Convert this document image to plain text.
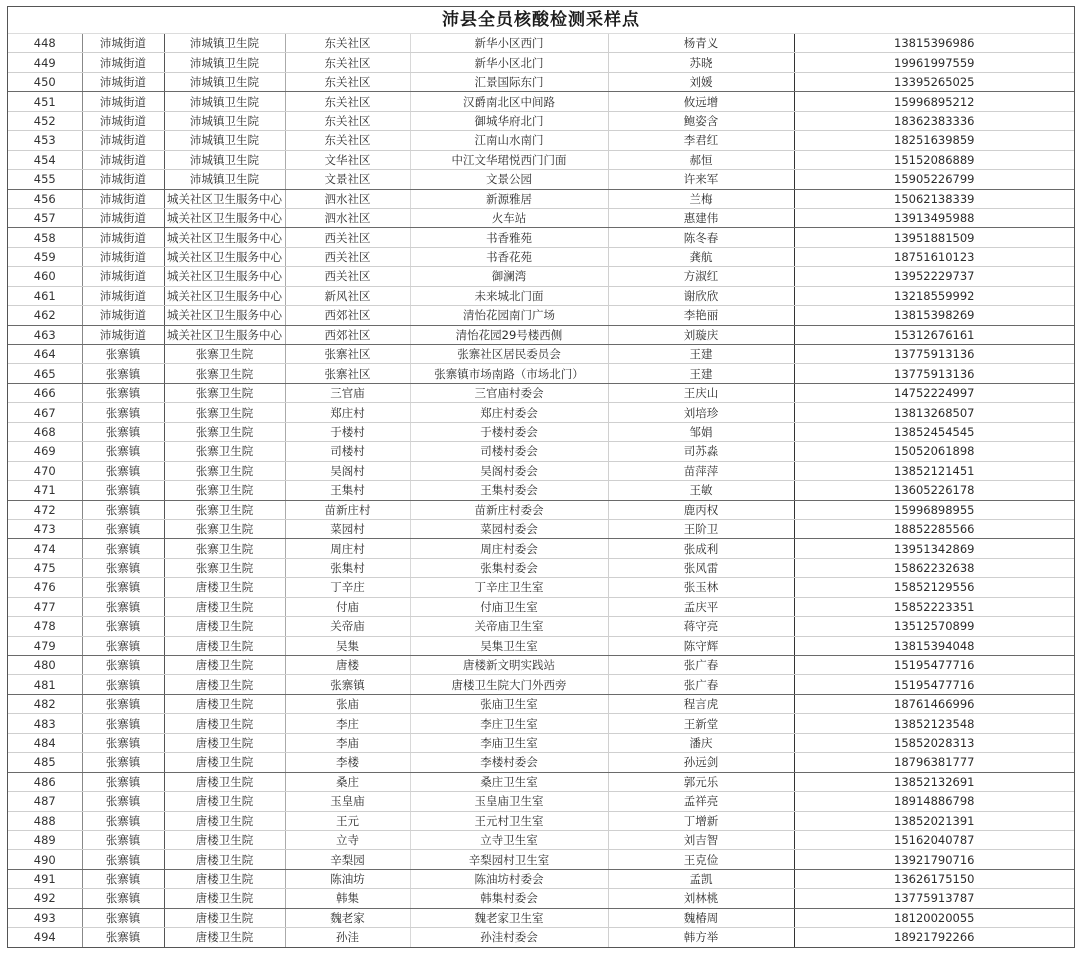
沛县全员核酸检测采样点
448	沛城街道	沛城镇卫生院	东关社区	新华小区西门	杨青义	13815396986
449	沛城街道	沛城镇卫生院	东关社区	新华小区北门	苏晓	19961997559
450	沛城街道	沛城镇卫生院	东关社区	汇景国际东门	刘媛	13395265025
451	沛城街道	沛城镇卫生院	东关社区	汉爵南北区中间路	攸远增	15996895212
452	沛城街道	沛城镇卫生院	东关社区	御城华府北门	鲍姿含	18362383336
453	沛城街道	沛城镇卫生院	东关社区	江南山水南门	李君红	18251639859
454	沛城街道	沛城镇卫生院	文华社区	中江文华珺悦西门门面	郝恒	15152086889
455	沛城街道	沛城镇卫生院	文景社区	文景公园	许来军	15905226799
456	沛城街道	城关社区卫生服务中心	泗水社区	新源雅居	兰梅	15062138339
457	沛城街道	城关社区卫生服务中心	泗水社区	火车站	惠建伟	13913495988
458	沛城街道	城关社区卫生服务中心	西关社区	书香雅苑	陈冬春	13951881509
459	沛城街道	城关社区卫生服务中心	西关社区	书香花苑	龚航	18751610123
460	沛城街道	城关社区卫生服务中心	西关社区	御澜湾	方淑红	13952229737
461	沛城街道	城关社区卫生服务中心	新风社区	未来城北门面	谢欣欣	13218559992
462	沛城街道	城关社区卫生服务中心	西郊社区	清怡花园南门广场	李艳丽	13815398269
463	沛城街道	城关社区卫生服务中心	西郊社区	清怡花园29号楼西侧	刘璇庆	15312676161
464	张寨镇	张寨卫生院	张寨社区	张寨社区居民委员会	王建	13775913136
465	张寨镇	张寨卫生院	张寨社区	张寨镇市场南路（市场北门）	王建	13775913136
466	张寨镇	张寨卫生院	三官庙	三官庙村委会	王庆山	14752224997
467	张寨镇	张寨卫生院	郑庄村	郑庄村委会	刘培珍	13813268507
468	张寨镇	张寨卫生院	于楼村	于楼村委会	邹娟	13852454545
469	张寨镇	张寨卫生院	司楼村	司楼村委会	司苏淼	15052061898
470	张寨镇	张寨卫生院	吴阁村	吴阁村委会	苗萍萍	13852121451
471	张寨镇	张寨卫生院	王集村	王集村委会	王敏	13605226178
472	张寨镇	张寨卫生院	苗新庄村	苗新庄村委会	鹿丙权	15996898955
473	张寨镇	张寨卫生院	菜园村	菜园村委会	王阶卫	18852285566
474	张寨镇	张寨卫生院	周庄村	周庄村委会	张成利	13951342869
475	张寨镇	张寨卫生院	张集村	张集村委会	张风雷	15862232638
476	张寨镇	唐楼卫生院	丁辛庄	丁辛庄卫生室	张玉林	15852129556
477	张寨镇	唐楼卫生院	付庙	付庙卫生室	孟庆平	15852223351
478	张寨镇	唐楼卫生院	关帝庙	关帝庙卫生室	蒋守亮	13512570899
479	张寨镇	唐楼卫生院	吴集	吴集卫生室	陈守辉	13815394048
480	张寨镇	唐楼卫生院	唐楼	唐楼新文明实践站	张广春	15195477716
481	张寨镇	唐楼卫生院	张寨镇	唐楼卫生院大门外西旁	张广春	15195477716
482	张寨镇	唐楼卫生院	张庙	张庙卫生室	程言虎	18761466996
483	张寨镇	唐楼卫生院	李庄	李庄卫生室	王新堂	13852123548
484	张寨镇	唐楼卫生院	李庙	李庙卫生室	潘庆	15852028313
485	张寨镇	唐楼卫生院	李楼	李楼村委会	孙远剑	18796381777
486	张寨镇	唐楼卫生院	桑庄	桑庄卫生室	郭元乐	13852132691
487	张寨镇	唐楼卫生院	玉皇庙	玉皇庙卫生室	孟祥亮	18914886798
488	张寨镇	唐楼卫生院	王元	王元村卫生室	丁增新	13852021391
489	张寨镇	唐楼卫生院	立寺	立寺卫生室	刘吉智	15162040787
490	张寨镇	唐楼卫生院	辛梨园	辛梨园村卫生室	王克俭	13921790716
491	张寨镇	唐楼卫生院	陈油坊	陈油坊村委会	孟凯	13626175150
492	张寨镇	唐楼卫生院	韩集	韩集村委会	刘林桃	13775913787
493	张寨镇	唐楼卫生院	魏老家	魏老家卫生室	魏椿周	18120020055
494	张寨镇	唐楼卫生院	孙洼	孙洼村委会	韩方举	18921792266
